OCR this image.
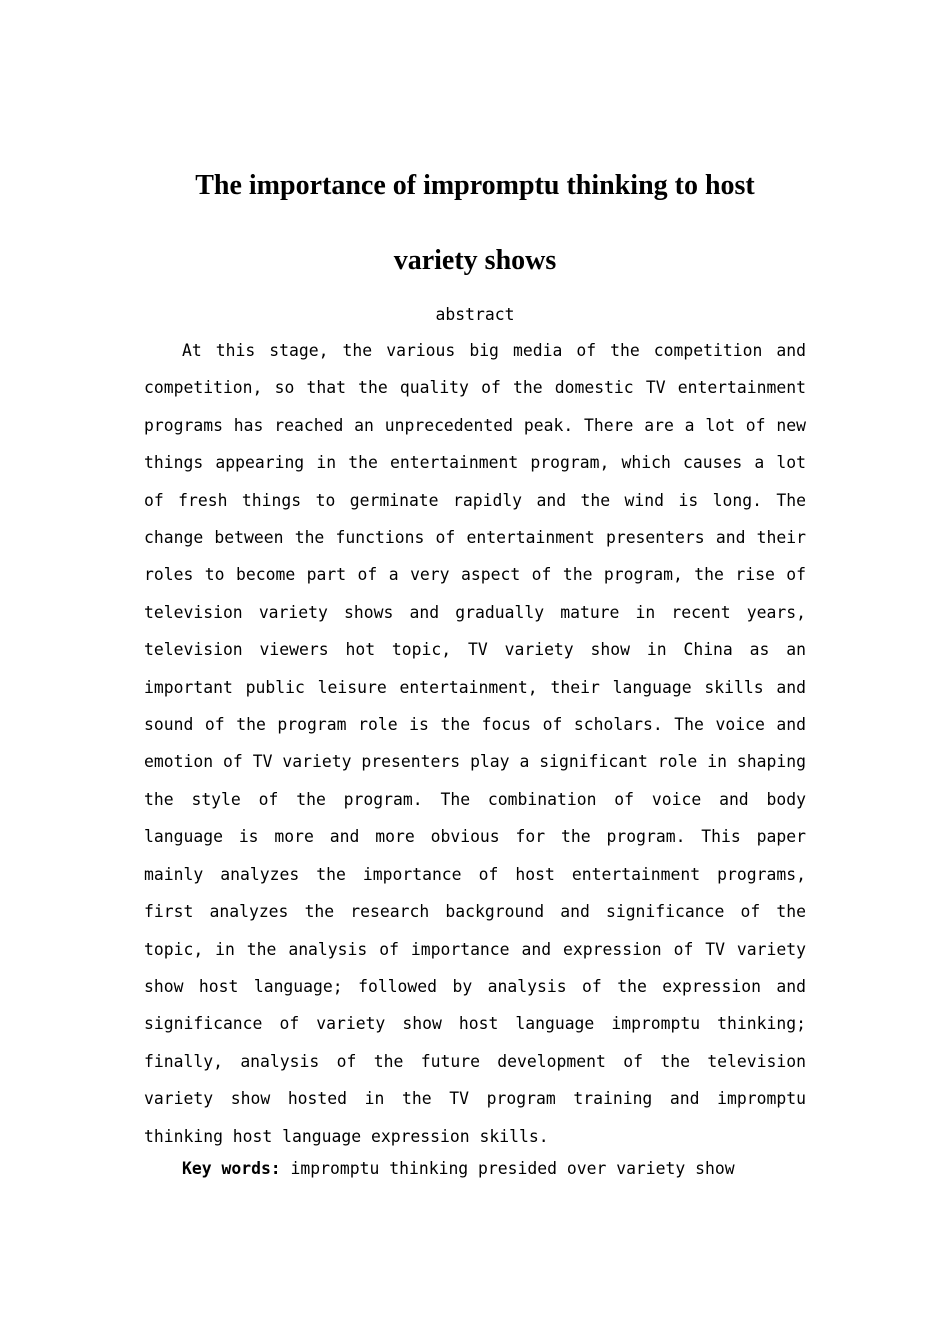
The importance of impromptu thinking to host
variety shows
abstract

At this stage, the various big media of the competition and competition, so that the quality of the domestic TV entertainment programs has reached an unprecedented peak. There are a lot of new things appearing in the entertainment program, which causes a lot of fresh things to germinate rapidly and the wind is long. The change between the functions of entertainment presenters and their roles to become part of a very aspect of the program, the rise of television variety shows and gradually mature in recent years, television viewers hot topic, TV variety show in China as an important public leisure entertainment, their language skills and sound of the program role is the focus of scholars. The voice and emotion of TV variety presenters play a significant role in shaping the style of the program. The combination of voice and body language is more and more obvious for the program. This paper mainly analyzes the importance of host entertainment programs, first analyzes the research background and significance of the topic, in the analysis of importance and expression of TV variety show host language; followed by analysis of the expression and significance of variety show host language impromptu thinking; finally, analysis of the future development of the television variety show hosted in the TV program training and impromptu thinking host language expression skills.

Key words: impromptu thinking presided over variety show
